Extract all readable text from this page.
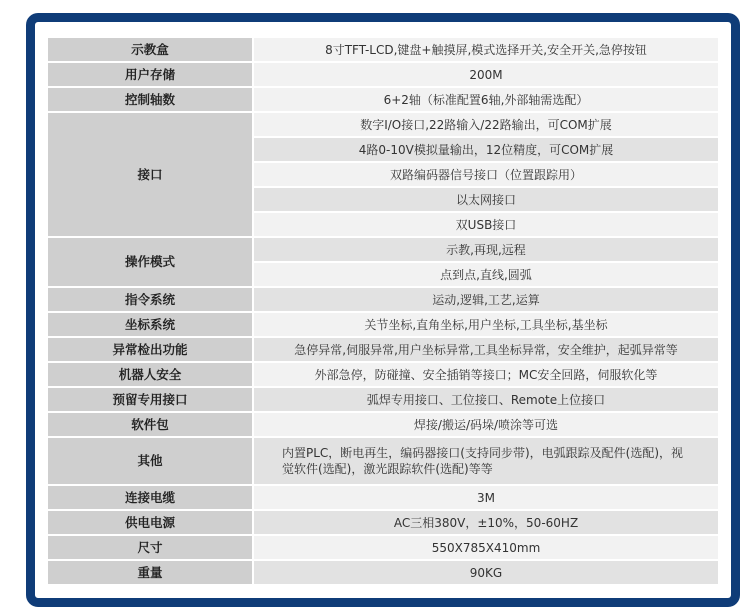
示教盒	8寸TFT-LCD,键盘+触摸屏,模式选择开关,安全开关,急停按钮
用户存储	200M
控制轴数	6+2轴（标准配置6轴,外部轴需选配）
接口	数字I/O接口,22路输入/22路输出，可COM扩展
	4路0-10V模拟量输出，12位精度，可COM扩展
	双路编码器信号接口（位置跟踪用）
	以太网接口
	双USB接口
操作模式	示教,再现,远程
	点到点,直线,圆弧
指令系统	运动,逻辑,工艺,运算
坐标系统	关节坐标,直角坐标,用户坐标,工具坐标,基坐标
异常检出功能	急停异常,伺服异常,用户坐标异常,工具坐标异常，安全维护，起弧异常等
机器人安全	外部急停，防碰撞、安全插销等接口；MC安全回路，伺服软化等
预留专用接口	弧焊专用接口、工位接口、Remote上位接口
软件包	焊接/搬运/码垛/喷涂等可选
其他	内置PLC，断电再生，编码器接口(支持同步带)，电弧跟踪及配件(选配)，视觉软件(选配)，激光跟踪软件(选配)等等
连接电缆	3M
供电电源	AC三相380V，±10%，50-60HZ
尺寸	550X785X410mm
重量	90KG
